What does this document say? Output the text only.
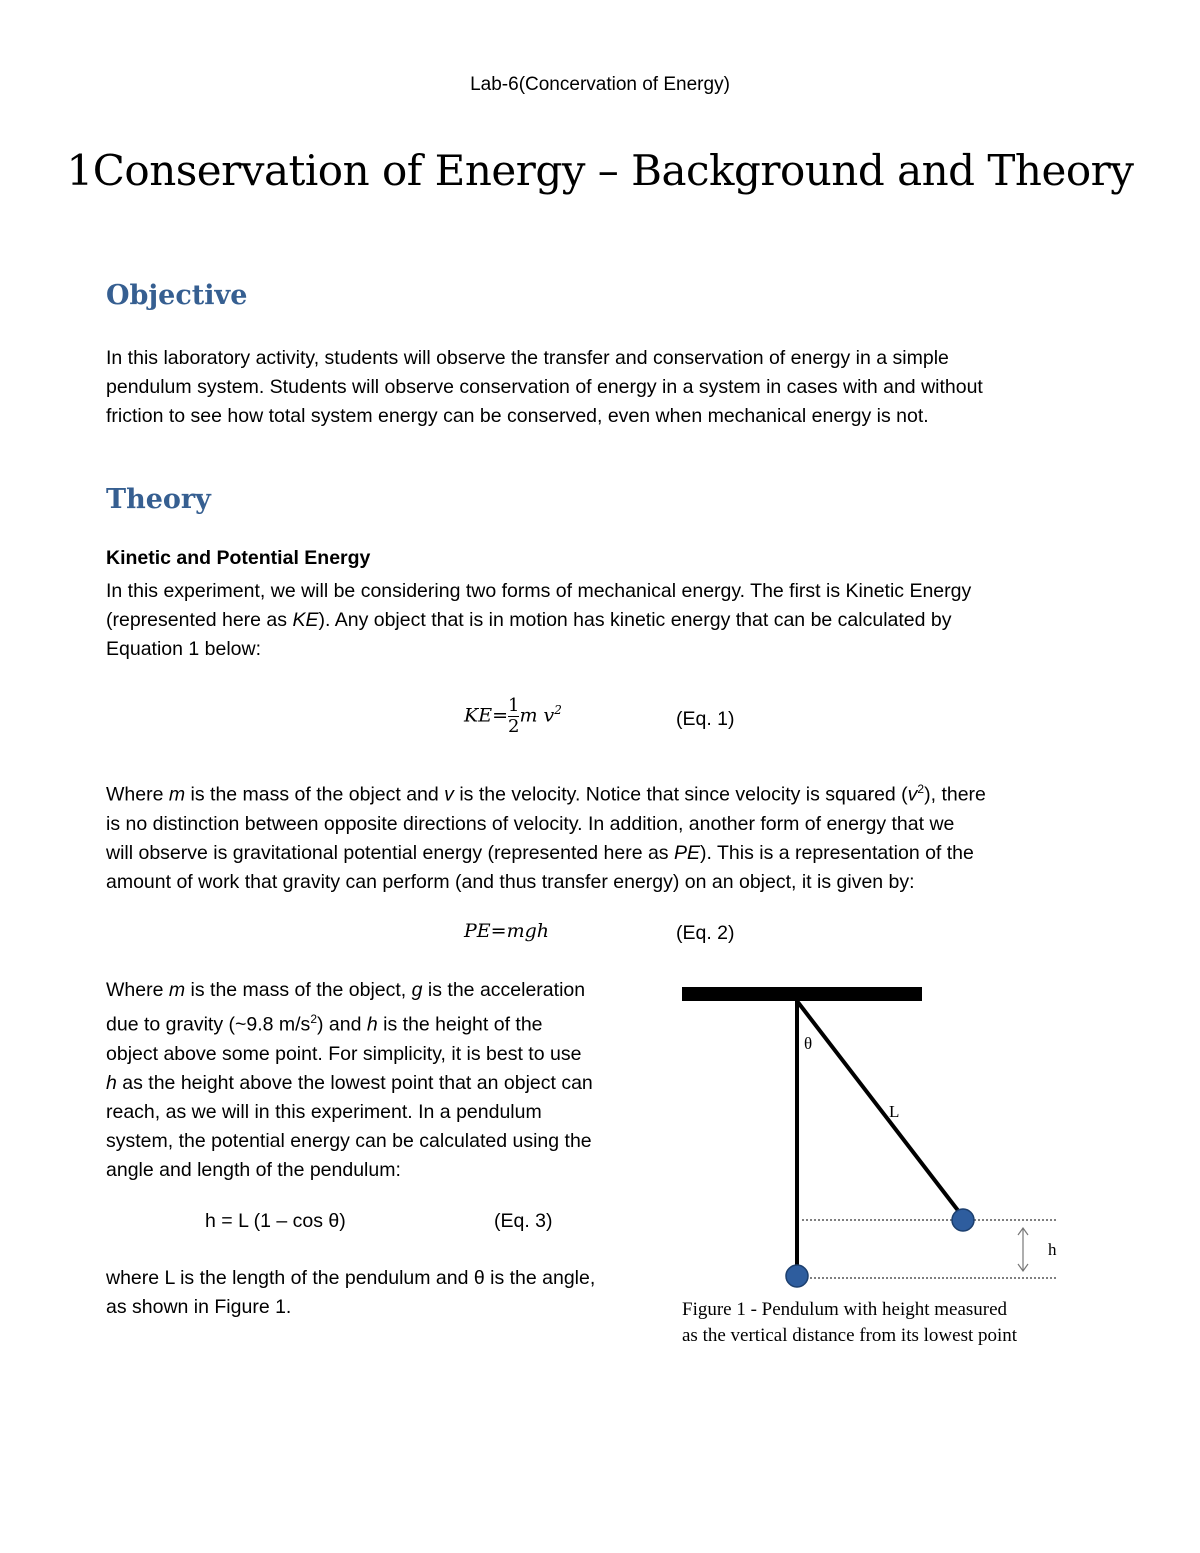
Lab-6(Concervation of Energy)
1Conservation of Energy – Background and Theory
Objective
In this laboratory activity, students will observe the transfer and conservation of energy in a simple
pendulum system. Students will observe conservation of energy in a system in cases with and without
friction to see how total system energy can be conserved, even when mechanical energy is not.
Theory
Kinetic and Potential Energy
In this experiment, we will be considering two forms of mechanical energy. The first is Kinetic Energy
(represented here as KE). Any object that is in motion has kinetic energy that can be calculated by
Equation 1 below:
$KE= \frac{1}{2}$ m $v^2$	(Eq. 1)
Where m is the mass of the object and v is the velocity. Notice that since velocity is squared $(v^2)$, there
is no distinction between opposite directions of velocity. In addition, another form of energy that we
will observe is gravitational potential energy (represented here as PE). This is a representation of the
amount of work that gravity can perform (and thus transfer energy) on an object, it is given by:
PE=mgh	(Eq. 2)
Where m is the mass of the object, g is the acceleration
due to gravity (~9.8 $m/s^2$) and h is the height of the
object above some point. For simplicity, it is best to use
h as the height above the lowest point that an object can
reach, as we will in this experiment. In a pendulum
system, the potential energy can be calculated using the
angle and length of the pendulum:
h = L (1 – cos θ)	(Eq. 3)
where L is the length of the pendulum and θ is the angle,
as shown in Figure 1.
θ
L
h
Figure 1 - Pendulum with height measured
as the vertical distance from its lowest point
